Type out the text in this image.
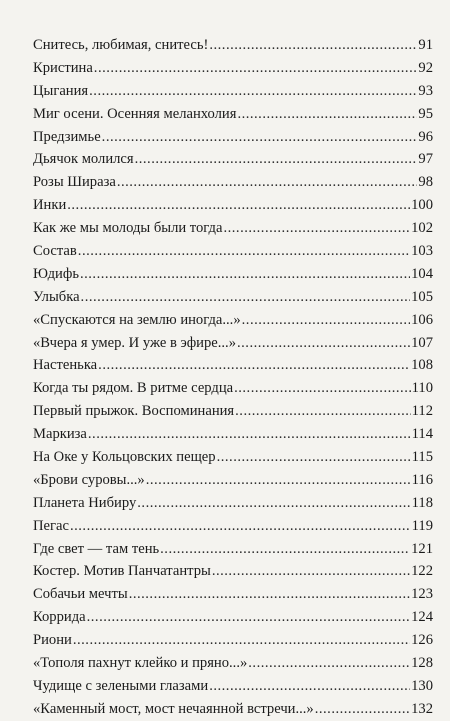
Снитесь, любимая, снитесь! .....	91
Кристина .....	92
Цыгания .....	93
Миг осени. Осенняя меланхолия .....	95
Предзимье .....	96
Дьячок молился .....	97
Розы Шираза .....	98
Инки .....	100
Как же мы молоды были тогда .....	102
Состав .....	103
Юдифь .....	104
Улыбка .....	105
«Спускаются на землю иногда...» .....	106
«Вчера я умер. И уже в эфире...» .....	107
Настенька .....	108
Когда ты рядом. В ритме сердца .....	110
Первый прыжок. Воспоминания .....	112
Маркиза .....	114
На Оке у Кольцовских пещер .....	115
«Брови суровы...» .....	116
Планета Нибиру .....	118
Пегас .....	119
Где свет — там тень .....	121
Костер. Мотив Панчатантры .....	122
Собачьи мечты .....	123
Коррида .....	124
Риони .....	126
«Тополя пахнут клейко и пряно...» .....	128
Чудище с зелеными глазами .....	130
«Каменный мост, мост нечаянной встречи...» .....	132
